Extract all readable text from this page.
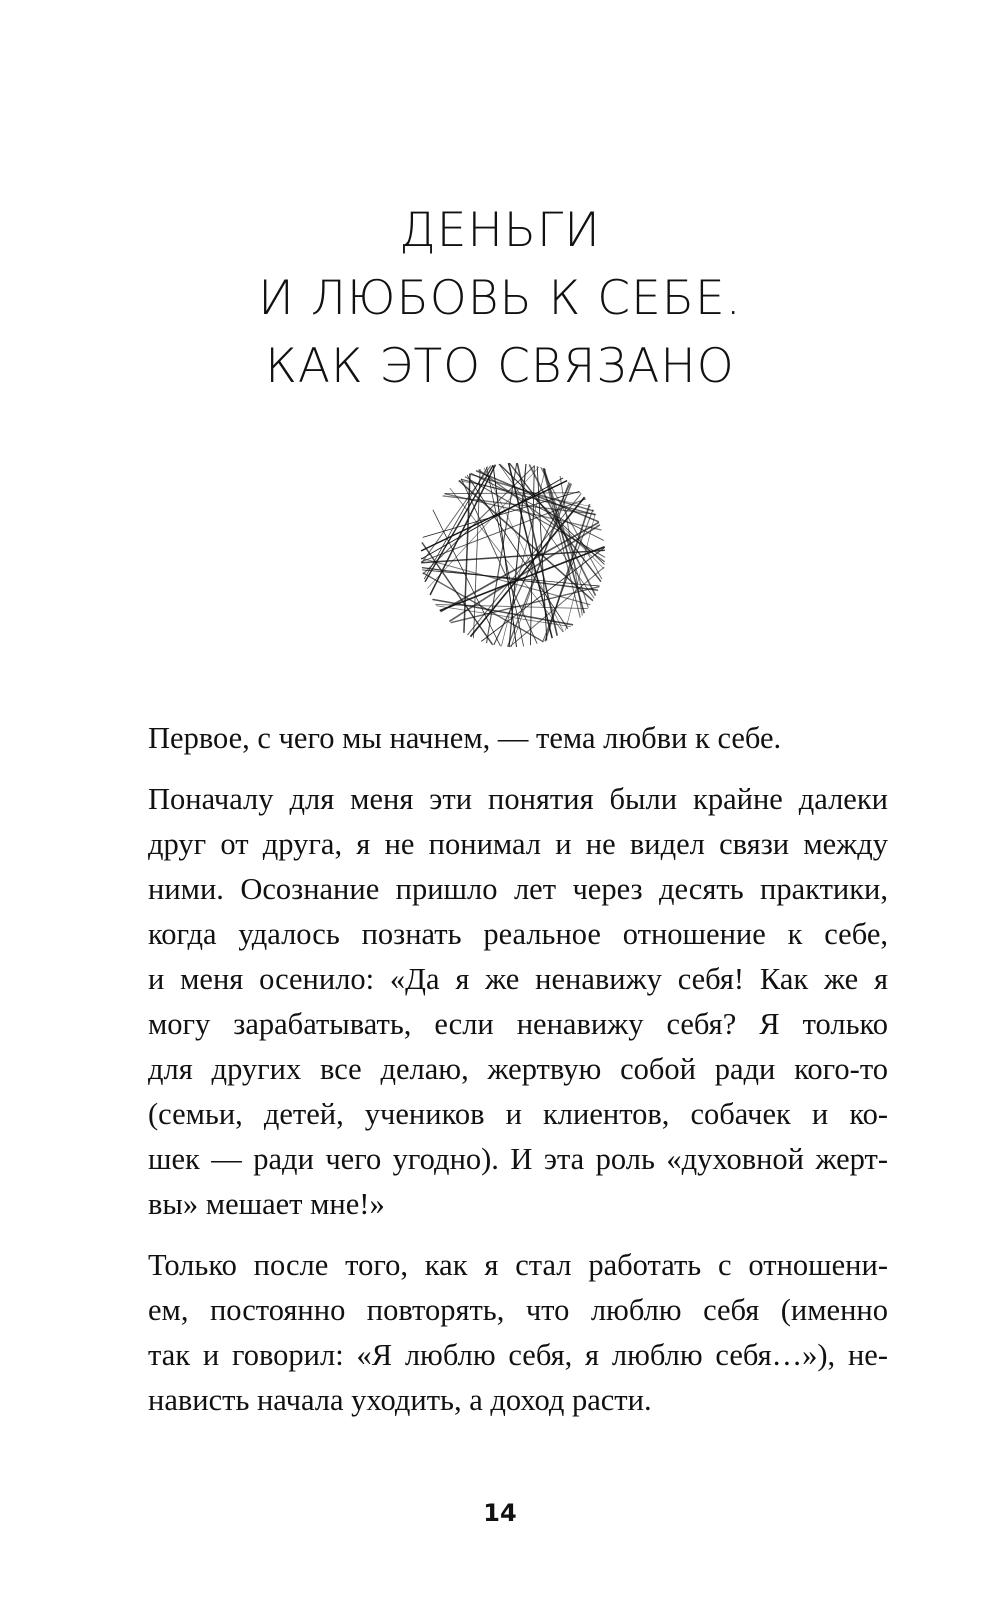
ДЕНЬГИ
И ЛЮБОВЬ К СЕБЕ.
КАК ЭТО СВЯЗАНО
Первое, с чего мы начнем, — тема любви к себе.
Поначалу для меня эти понятия были крайне далеки
друг от друга, я не понимал и не видел связи между
ними. Осознание пришло лет через десять практики,
когда удалось познать реальное отношение к себе,
и меня осенило: «Да я же ненавижу себя! Как же я
могу зарабатывать, если ненавижу себя? Я только
для других все делаю, жертвую собой ради кого-то
(семьи, детей, учеников и клиентов, собачек и ко-
шек — ради чего угодно). И эта роль «духовной жерт-
вы» мешает мне!»
Только после того, как я стал работать с отношени-
ем, постоянно повторять, что люблю себя (именно
так и говорил: «Я люблю себя, я люблю себя…»), не-
нависть начала уходить, а доход расти.
14
